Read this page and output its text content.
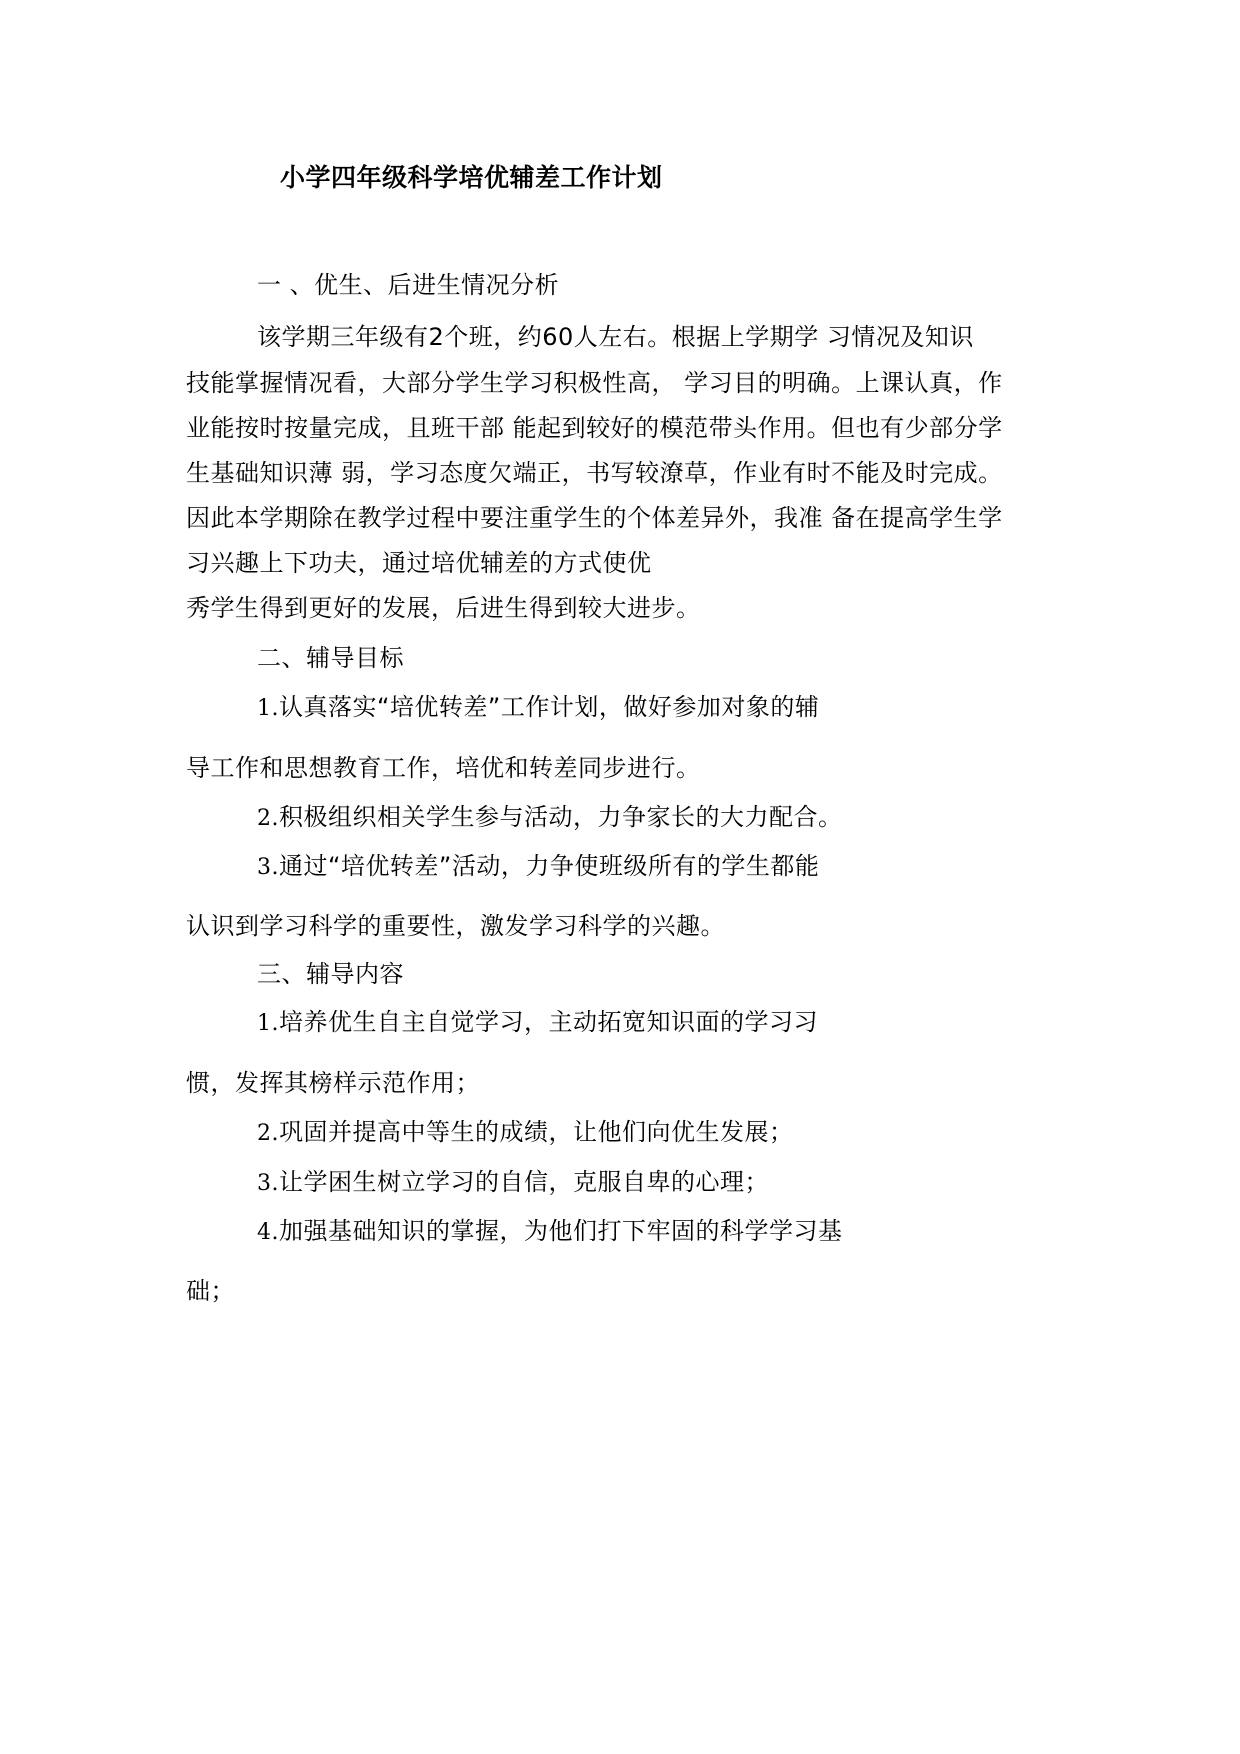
小学四年级科学培优辅差工作计划
一 、优生、后进生情况分析
该学期三年级有2个班，约60人左右。根据上学期学 习情况及知识
技能掌握情况看，大部分学生学习积极性高， 学习目的明确。上课认真，作
业能按时按量完成，且班干部 能起到较好的模范带头作用。但也有少部分学
生基础知识薄 弱，学习态度欠端正，书写较潦草，作业有时不能及时完成。
因此本学期除在教学过程中要注重学生的个体差异外，我准 备在提高学生学
习兴趣上下功夫，通过培优辅差的方式使优
秀学生得到更好的发展，后进生得到较大进步。
二、辅导目标
1.认真落实“培优转差”工作计划，做好参加对象的辅
导工作和思想教育工作，培优和转差同步进行。
2.积极组织相关学生参与活动，力争家长的大力配合。
3.通过“培优转差”活动，力争使班级所有的学生都能
认识到学习科学的重要性，激发学习科学的兴趣。
三、辅导内容
1.培养优生自主自觉学习，主动拓宽知识面的学习习
惯，发挥其榜样示范作用；
2.巩固并提高中等生的成绩，让他们向优生发展；
3.让学困生树立学习的自信，克服自卑的心理；
4.加强基础知识的掌握，为他们打下牢固的科学学习基
础；
